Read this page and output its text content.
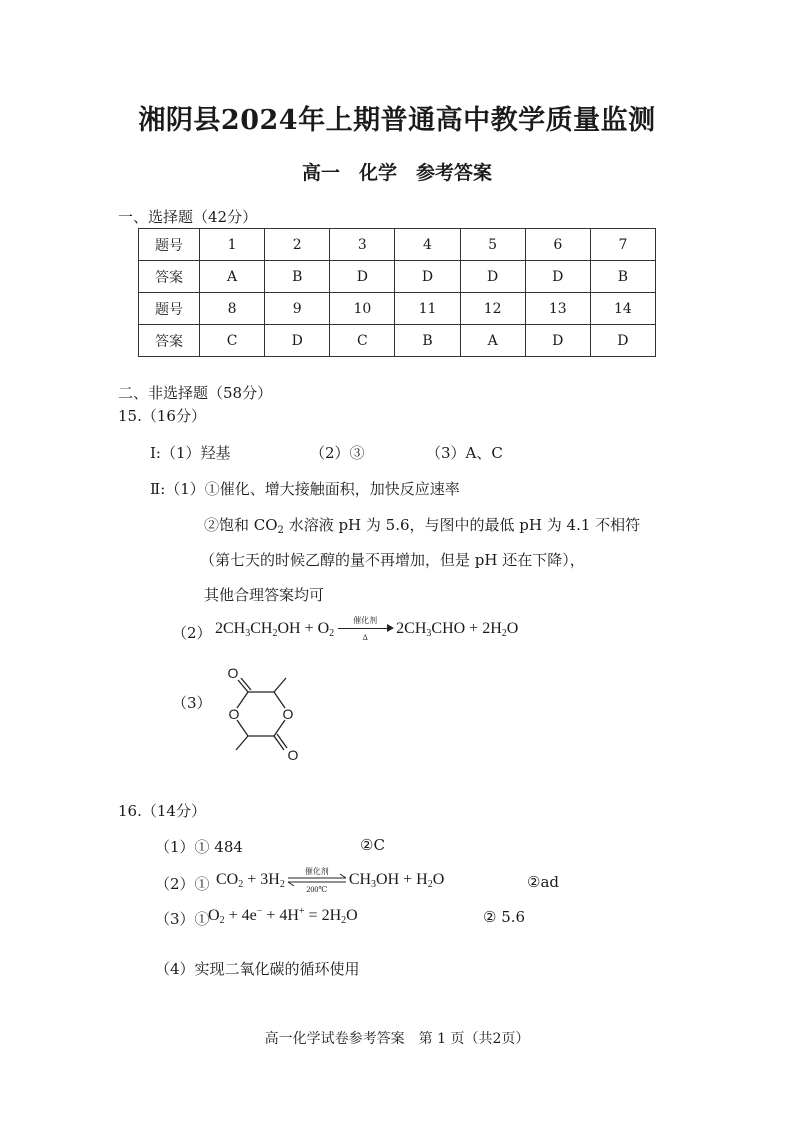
湘阴县2024年上期普通高中教学质量监测
高一　化学　参考答案
一、选择题（42分）
题号	1	2	3	4	5	6	7
答案	A	B	D	D	D	D	B
题号	8	9	10	11	12	13	14
答案	C	D	C	B	A	D	D
二、非选择题（58分）
15.（16分）
Ⅰ:（1）羟基	（2）③	（3）A、C
Ⅱ:（1）①催化、增大接触面积，加快反应速率
②饱和 $CO_2$ 水溶液 pH 为 5.6，与图中的最低 pH 为 4.1 不相符
（第七天的时候乙醇的量不再增加，但是 pH 还在下降），
其他合理答案均可
（2） $2CH_3CH_2OH + O_2$
催化剂
Δ
$2CH_3CHO + 2H_2O$
（3）
O
O	O
O
16.（14分）
（1）① 484	②C
（2）① $CO_2 + 3H_2$
催化剂
200℃
$CH_3OH + H_2O$	②ad
（3）①
$O_2 + 4e^- + 4H^+ = 2H_2O$	② 5.6
（4）实现二氧化碳的循环使用
高一化学试卷参考答案　第 1 页（共2页）
